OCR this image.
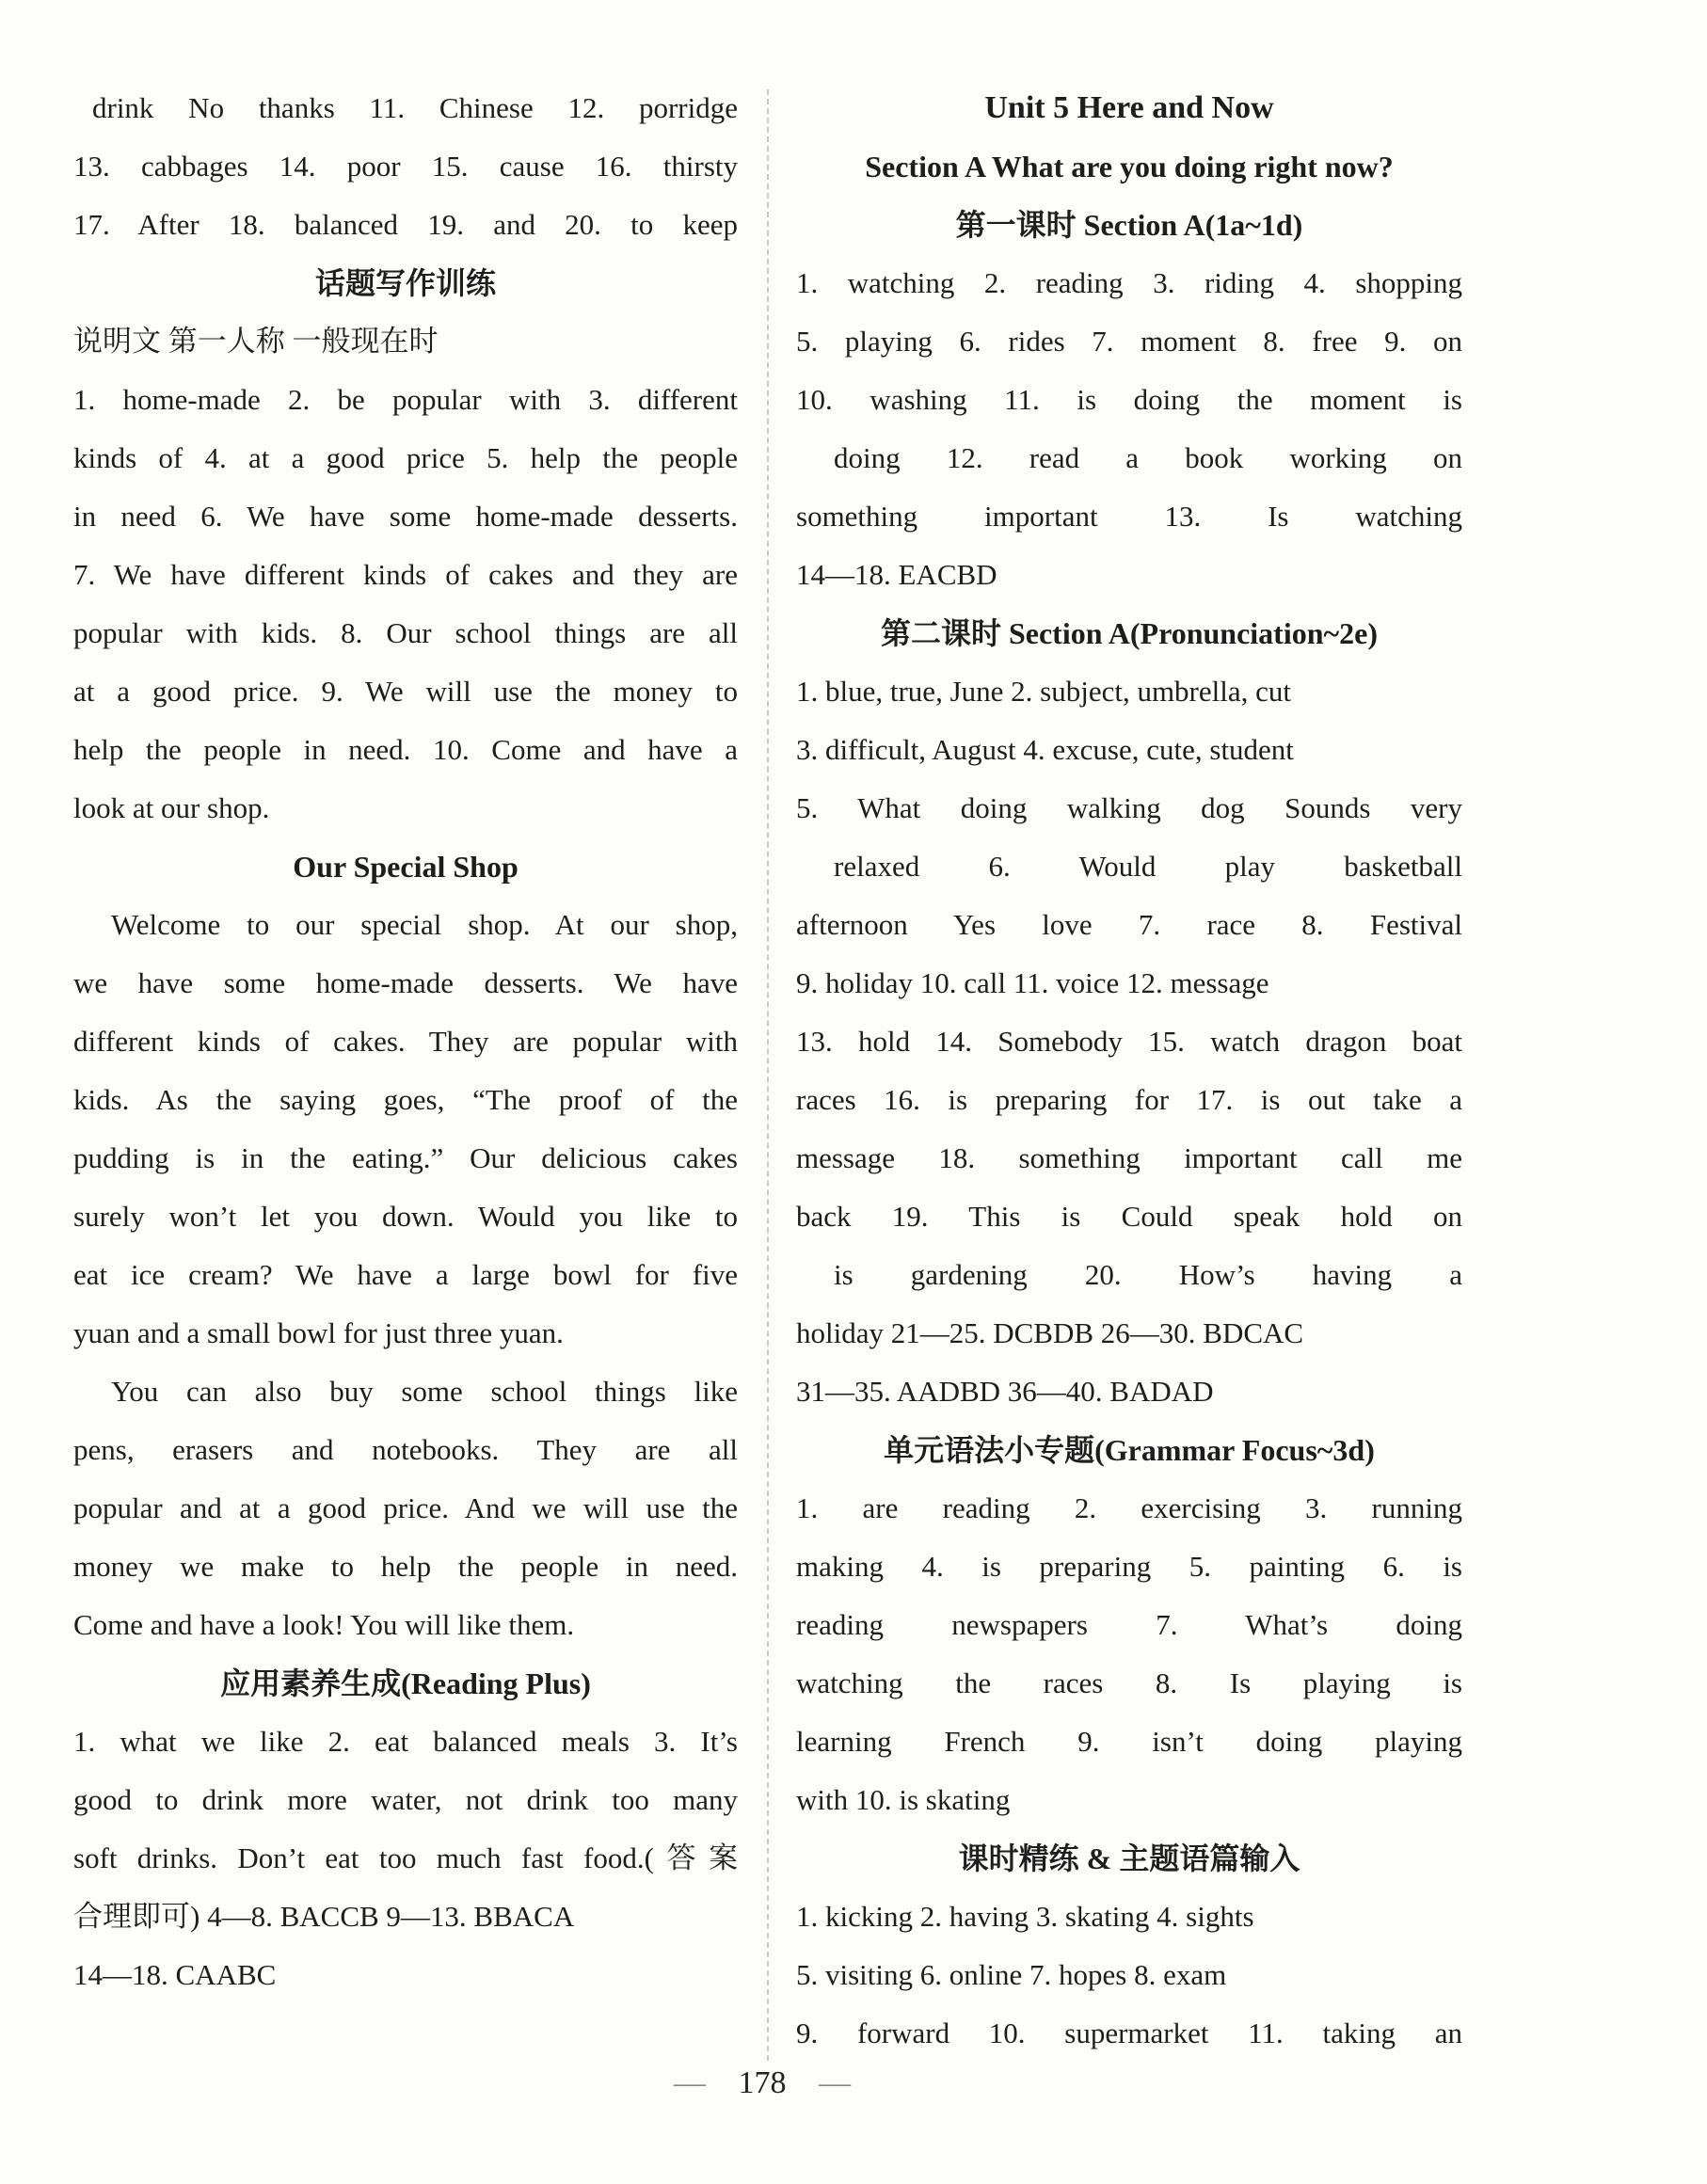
drink No thanks 11. Chinese 12. porridge
13. cabbages 14. poor 15. cause 16. thirsty
17. After 18. balanced 19. and 20. to keep
话题写作训练
说明文 第一人称 一般现在时
1. home-made 2. be popular with 3. different
kinds of 4. at a good price 5. help the people
in need 6. We have some home-made desserts.
7. We have different kinds of cakes and they are
popular with kids. 8. Our school things are all
at a good price. 9. We will use the money to
help the people in need. 10. Come and have a
look at our shop.
Our Special Shop
Welcome to our special shop. At our shop,
we have some home-made desserts. We have
different kinds of cakes. They are popular with
kids. As the saying goes, “The proof of the
pudding is in the eating.” Our delicious cakes
surely won’t let you down. Would you like to
eat ice cream? We have a large bowl for five
yuan and a small bowl for just three yuan.
You can also buy some school things like
pens, erasers and notebooks. They are all
popular and at a good price. And we will use the
money we make to help the people in need.
Come and have a look! You will like them.
应用素养生成(Reading Plus)
1. what we like 2. eat balanced meals 3. It’s
good to drink more water, not drink too many
soft drinks. Don’t eat too much fast food.(答案
合理即可) 4—8. BACCB 9—13. BBACA
14—18. CAABC
Unit 5 Here and Now
Section A What are you doing right now?
第一课时 Section A(1a~1d)
1. watching 2. reading 3. riding 4. shopping
5. playing 6. rides 7. moment 8. free 9. on
10. washing 11. is doing the moment is
doing 12. read a book working on
something important 13. Is watching
14—18. EACBD
第二课时 Section A(Pronunciation~2e)
1. blue, true, June 2. subject, umbrella, cut
3. difficult, August 4. excuse, cute, student
5. What doing walking dog Sounds very
relaxed 6. Would play basketball
afternoon Yes love 7. race 8. Festival
9. holiday 10. call 11. voice 12. message
13. hold 14. Somebody 15. watch dragon boat
races 16. is preparing for 17. is out take a
message 18. something important call me
back 19. This is Could speak hold on
is gardening 20. How’s having a
holiday 21—25. DCBDB 26—30. BDCAC
31—35. AADBD 36—40. BADAD
单元语法小专题(Grammar Focus~3d)
1. are reading 2. exercising 3. running
making 4. is preparing 5. painting 6. is
reading newspapers 7. What’s doing
watching the races 8. Is playing is
learning French 9. isn’t doing playing
with 10. is skating
课时精练 & 主题语篇输入
1. kicking 2. having 3. skating 4. sights
5. visiting 6. online 7. hopes 8. exam
9. forward 10. supermarket 11. taking an
— 178 —
